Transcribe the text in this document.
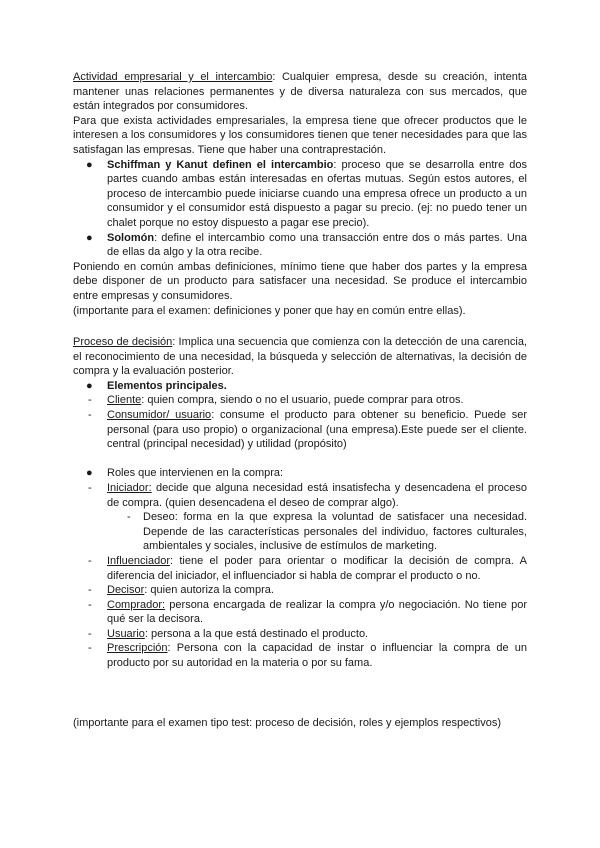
Actividad empresarial y el intercambio: Cualquier empresa, desde su creación, intenta mantener unas relaciones permanentes y de diversa naturaleza con sus mercados, que están integrados por consumidores.

Para que exista actividades empresariales, la empresa tiene que ofrecer productos que le interesen a los consumidores y los consumidores tienen que tener necesidades para que las satisfagan las empresas. Tiene que haber una contraprestación.

● Schiffman y Kanut definen el intercambio: proceso que se desarrolla entre dos partes cuando ambas están interesadas en ofertas mutuas. Según estos autores, el proceso de intercambio puede iniciarse cuando una empresa ofrece un producto a un consumidor y el consumidor está dispuesto a pagar su precio. (ej: no puedo tener un chalet porque no estoy dispuesto a pagar ese precio).
● Solomón: define el intercambio como una transacción entre dos o más partes. Una de ellas da algo y la otra recibe.

Poniendo en común ambas definiciones, mínimo tiene que haber dos partes y la empresa debe disponer de un producto para satisfacer una necesidad. Se produce el intercambio entre empresas y consumidores.

(importante para el examen: definiciones y poner que hay en común entre ellas).

Proceso de decisión: Implica una secuencia que comienza con la detección de una carencia, el reconocimiento de una necesidad, la búsqueda y selección de alternativas, la decisión de compra y la evaluación posterior.

● Elementos principales.
- Cliente: quien compra, siendo o no el usuario, puede comprar para otros.
- Consumidor/ usuario: consume el producto para obtener su beneficio. Puede ser personal (para uso propio) o organizacional (una empresa).Este puede ser el cliente. central (principal necesidad) y utilidad (propósito)
● Roles que intervienen en la compra:
- Iniciador: decide que alguna necesidad está insatisfecha y desencadena el proceso de compra. (quien desencadena el deseo de comprar algo).
- Deseo: forma en la que expresa la voluntad de satisfacer una necesidad. Depende de las características personales del individuo, factores culturales, ambientales y sociales, inclusive de estímulos de marketing.
- Influenciador: tiene el poder para orientar o modificar la decisión de compra. A diferencia del iniciador, el influenciador si habla de comprar el producto o no.
- Decisor: quien autoriza la compra.
- Comprador: persona encargada de realizar la compra y/o negociación. No tiene por qué ser la decisora.
- Usuario: persona a la que está destinado el producto.
- Prescripción: Persona con la capacidad de instar o influenciar la compra de un producto por su autoridad en la materia o por su fama.

(importante para el examen tipo test: proceso de decisión, roles y ejemplos respectivos)
